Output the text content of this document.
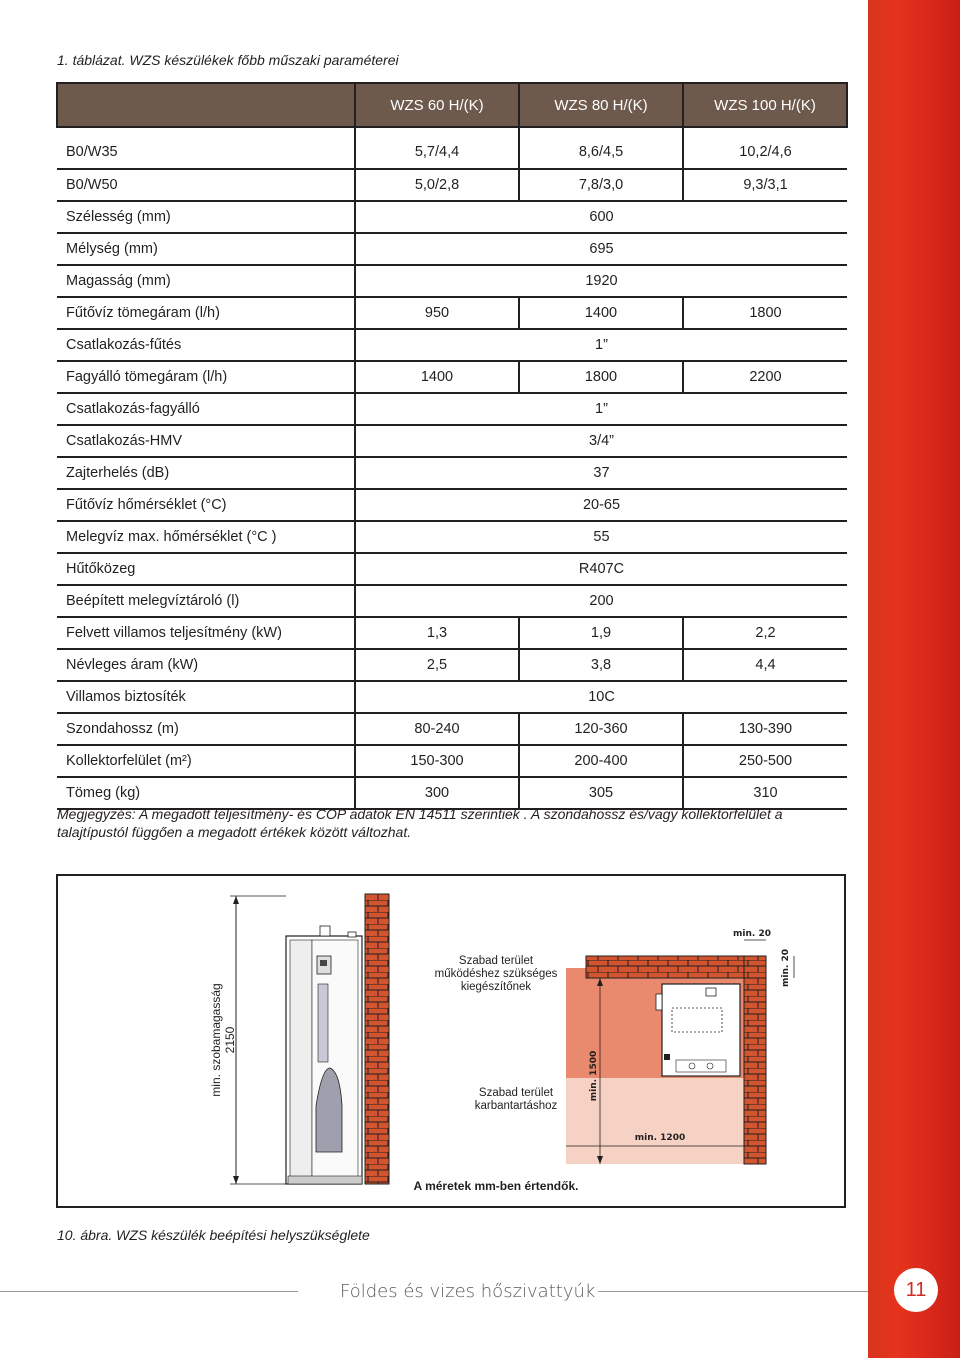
1. táblázat. WZS készülékek főbb műszaki paraméterei
	WZS 60 H/(K)	WZS 80 H/(K)	WZS 100 H/(K)
B0/W35	5,7/4,4	8,6/4,5	10,2/4,6
B0/W50	5,0/2,8	7,8/3,0	9,3/3,1
Szélesség (mm)	600		
Mélység (mm)	695		
Magasság (mm)	1920		
Fűtővíz tömegáram (l/h)	950	1400	1800
Csatlakozás-fűtés	1”		
Fagyálló tömegáram (l/h)	1400	1800	2200
Csatlakozás-fagyálló	1”		
Csatlakozás-HMV	3/4”		
Zajterhelés (dB)	37		
Fűtővíz hőmérséklet (°C)	20-65		
Melegvíz max. hőmérséklet (°C )	55		
Hűtőközeg	R407C		
Beépített melegvíztároló (l)	200		
Felvett villamos teljesítmény (kW)	1,3	1,9	2,2
Névleges áram (kW)	2,5	3,8	4,4
Villamos biztosíték	10C		
Szondahossz (m)	80-240	120-360	130-390
Kollektorfelület (m²)	150-300	200-400	250-500
Tömeg (kg)	300	305	310
Megjegyzés: A megadott teljesítmény- és COP adatok EN 14511 szerintiek . A szondahossz és/vagy kollektorfelület a talajtípustól függően a megadott értékek között változhat.
min. szobamagasság 2150
min. 20
min. 20
min. 1500
min. 1200
Szabad terület
működéshez szükséges
kiegészítőnek
Szabad terület
karbantartáshoz
A méretek mm-ben értendők.
10. ábra. WZS készülék beépítési helyszükséglete
Földes és vizes hőszivattyúk	11
